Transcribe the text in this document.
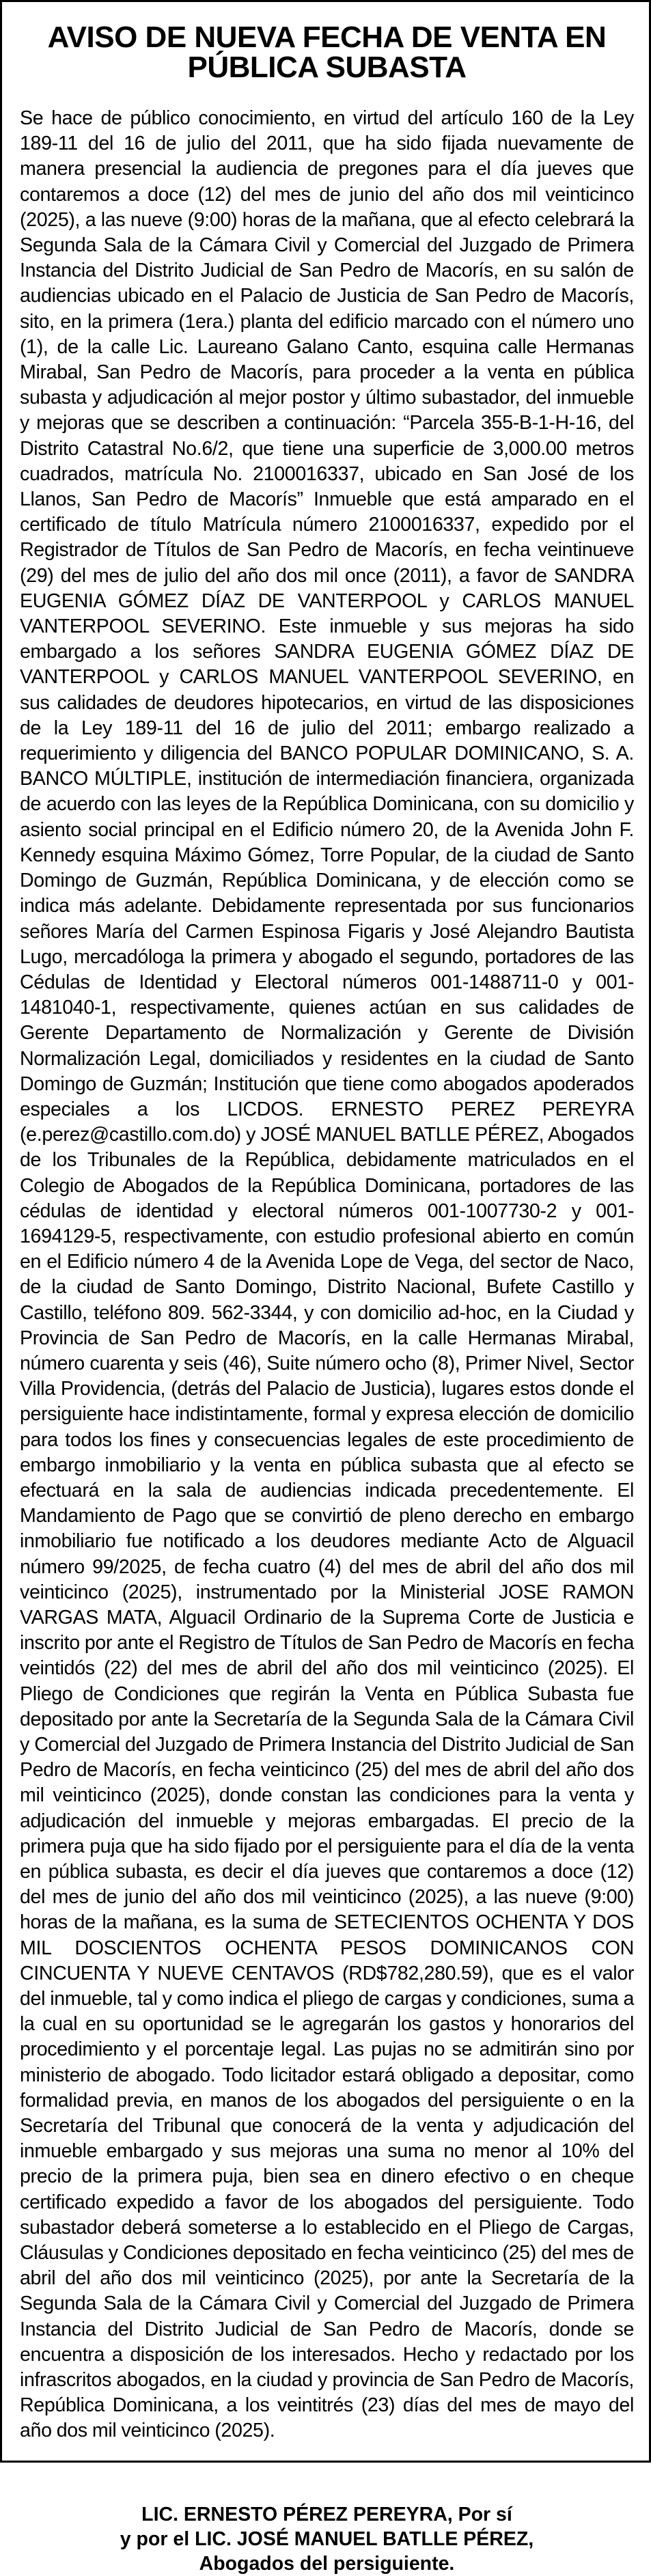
AVISO DE NUEVA FECHA DE VENTA EN
PÚBLICA SUBASTA

Se hace de público conocimiento, en virtud del artículo 160 de la Ley 189-11 del 16 de julio del 2011, que ha sido fijada nuevamente de manera presencial la audiencia de pregones para el día jueves que contaremos a doce (12) del mes de junio del año dos mil veinticinco (2025), a las nueve (9:00) horas de la mañana, que al efecto celebrará la Segunda Sala de la Cámara Civil y Comercial del Juzgado de Primera Instancia del Distrito Judicial de San Pedro de Macorís, en su salón de audiencias ubicado en el Palacio de Justicia de San Pedro de Macorís, sito, en la primera (1era.) planta del edificio marcado con el número uno (1), de la calle Lic. Laureano Galano Canto, esquina calle Hermanas Mirabal, San Pedro de Macorís, para proceder a la venta en pública subasta y adjudicación al mejor postor y último subastador, del inmueble y mejoras que se describen a continuación: “Parcela 355-B-1-H-16, del Distrito Catastral No.6/2, que tiene una superficie de 3,000.00 metros cuadrados, matrícula No. 2100016337, ubicado en San José de los Llanos, San Pedro de Macorís” Inmueble que está amparado en el certificado de título Matrícula número 2100016337, expedido por el Registrador de Títulos de San Pedro de Macorís, en fecha veintinueve (29) del mes de julio del año dos mil once (2011), a favor de SANDRA EUGENIA GÓMEZ DÍAZ DE VANTERPOOL y CARLOS MANUEL VANTERPOOL SEVERINO. Este inmueble y sus mejoras ha sido embargado a los señores SANDRA EUGENIA GÓMEZ DÍAZ DE VANTERPOOL y CARLOS MANUEL VANTERPOOL SEVERINO, en sus calidades de deudores hipotecarios, en virtud de las disposiciones de la Ley 189-11 del 16 de julio del 2011; embargo realizado a requerimiento y diligencia del BANCO POPULAR DOMINICANO, S. A. BANCO MÚLTIPLE, institución de intermediación financiera, organizada de acuerdo con las leyes de la República Dominicana, con su domicilio y asiento social principal en el Edificio número 20, de la Avenida John F. Kennedy esquina Máximo Gómez, Torre Popular, de la ciudad de Santo Domingo de Guzmán, República Dominicana, y de elección como se indica más adelante. Debidamente representada por sus funcionarios señores María del Carmen Espinosa Figaris y José Alejandro Bautista Lugo, mercadóloga la primera y abogado el segundo, portadores de las Cédulas de Identidad y Electoral números 001-1488711-0 y 001-1481040-1, respectivamente, quienes actúan en sus calidades de Gerente Departamento de Normalización y Gerente de División Normalización Legal, domiciliados y residentes en la ciudad de Santo Domingo de Guzmán; Institución que tiene como abogados apoderados especiales a los LICDOS. ERNESTO PEREZ PEREYRA (e.perez@castillo.com.do) y JOSÉ MANUEL BATLLE PÉREZ, Abogados de los Tribunales de la República, debidamente matriculados en el Colegio de Abogados de la República Dominicana, portadores de las cédulas de identidad y electoral números 001-1007730-2 y 001-1694129-5, respectivamente, con estudio profesional abierto en común en el Edificio número 4 de la Avenida Lope de Vega, del sector de Naco, de la ciudad de Santo Domingo, Distrito Nacional, Bufete Castillo y Castillo, teléfono 809. 562-3344, y con domicilio ad-hoc, en la Ciudad y Provincia de San Pedro de Macorís, en la calle Hermanas Mirabal, número cuarenta y seis (46), Suite número ocho (8), Primer Nivel, Sector Villa Providencia, (detrás del Palacio de Justicia), lugares estos donde el persiguiente hace indistintamente, formal y expresa elección de domicilio para todos los fines y consecuencias legales de este procedimiento de embargo inmobiliario y la venta en pública subasta que al efecto se efectuará en la sala de audiencias indicada precedentemente. El Mandamiento de Pago que se convirtió de pleno derecho en embargo inmobiliario fue notificado a los deudores mediante Acto de Alguacil número 99/2025, de fecha cuatro (4) del mes de abril del año dos mil veinticinco (2025), instrumentado por la Ministerial JOSE RAMON VARGAS MATA, Alguacil Ordinario de la Suprema Corte de Justicia e inscrito por ante el Registro de Títulos de San Pedro de Macorís en fecha veintidós (22) del mes de abril del año dos mil veinticinco (2025). El Pliego de Condiciones que regirán la Venta en Pública Subasta fue depositado por ante la Secretaría de la Segunda Sala de la Cámara Civil y Comercial del Juzgado de Primera Instancia del Distrito Judicial de San Pedro de Macorís, en fecha veinticinco (25) del mes de abril del año dos mil veinticinco (2025), donde constan las condiciones para la venta y adjudicación del inmueble y mejoras embargadas. El precio de la primera puja que ha sido fijado por el persiguiente para el día de la venta en pública subasta, es decir el día jueves que contaremos a doce (12) del mes de junio del año dos mil veinticinco (2025), a las nueve (9:00) horas de la mañana, es la suma de SETECIENTOS OCHENTA Y DOS MIL DOSCIENTOS OCHENTA PESOS DOMINICANOS CON CINCUENTA Y NUEVE CENTAVOS (RD$782,280.59), que es el valor del inmueble, tal y como indica el pliego de cargas y condiciones, suma a la cual en su oportunidad se le agregarán los gastos y honorarios del procedimiento y el porcentaje legal. Las pujas no se admitirán sino por ministerio de abogado. Todo licitador estará obligado a depositar, como formalidad previa, en manos de los abogados del persiguiente o en la Secretaría del Tribunal que conocerá de la venta y adjudicación del inmueble embargado y sus mejoras una suma no menor al 10% del precio de la primera puja, bien sea en dinero efectivo o en cheque certificado expedido a favor de los abogados del persiguiente. Todo subastador deberá someterse a lo establecido en el Pliego de Cargas, Cláusulas y Condiciones depositado en fecha veinticinco (25) del mes de abril del año dos mil veinticinco (2025), por ante la Secretaría de la Segunda Sala de la Cámara Civil y Comercial del Juzgado de Primera Instancia del Distrito Judicial de San Pedro de Macorís, donde se encuentra a disposición de los interesados. Hecho y redactado por los infrascritos abogados, en la ciudad y provincia de San Pedro de Macorís, República Dominicana, a los veintitrés (23) días del mes de mayo del año dos mil veinticinco (2025).

LIC. ERNESTO PÉREZ PEREYRA, Por sí
y por el LIC. JOSÉ MANUEL BATLLE PÉREZ,
Abogados del persiguiente.
